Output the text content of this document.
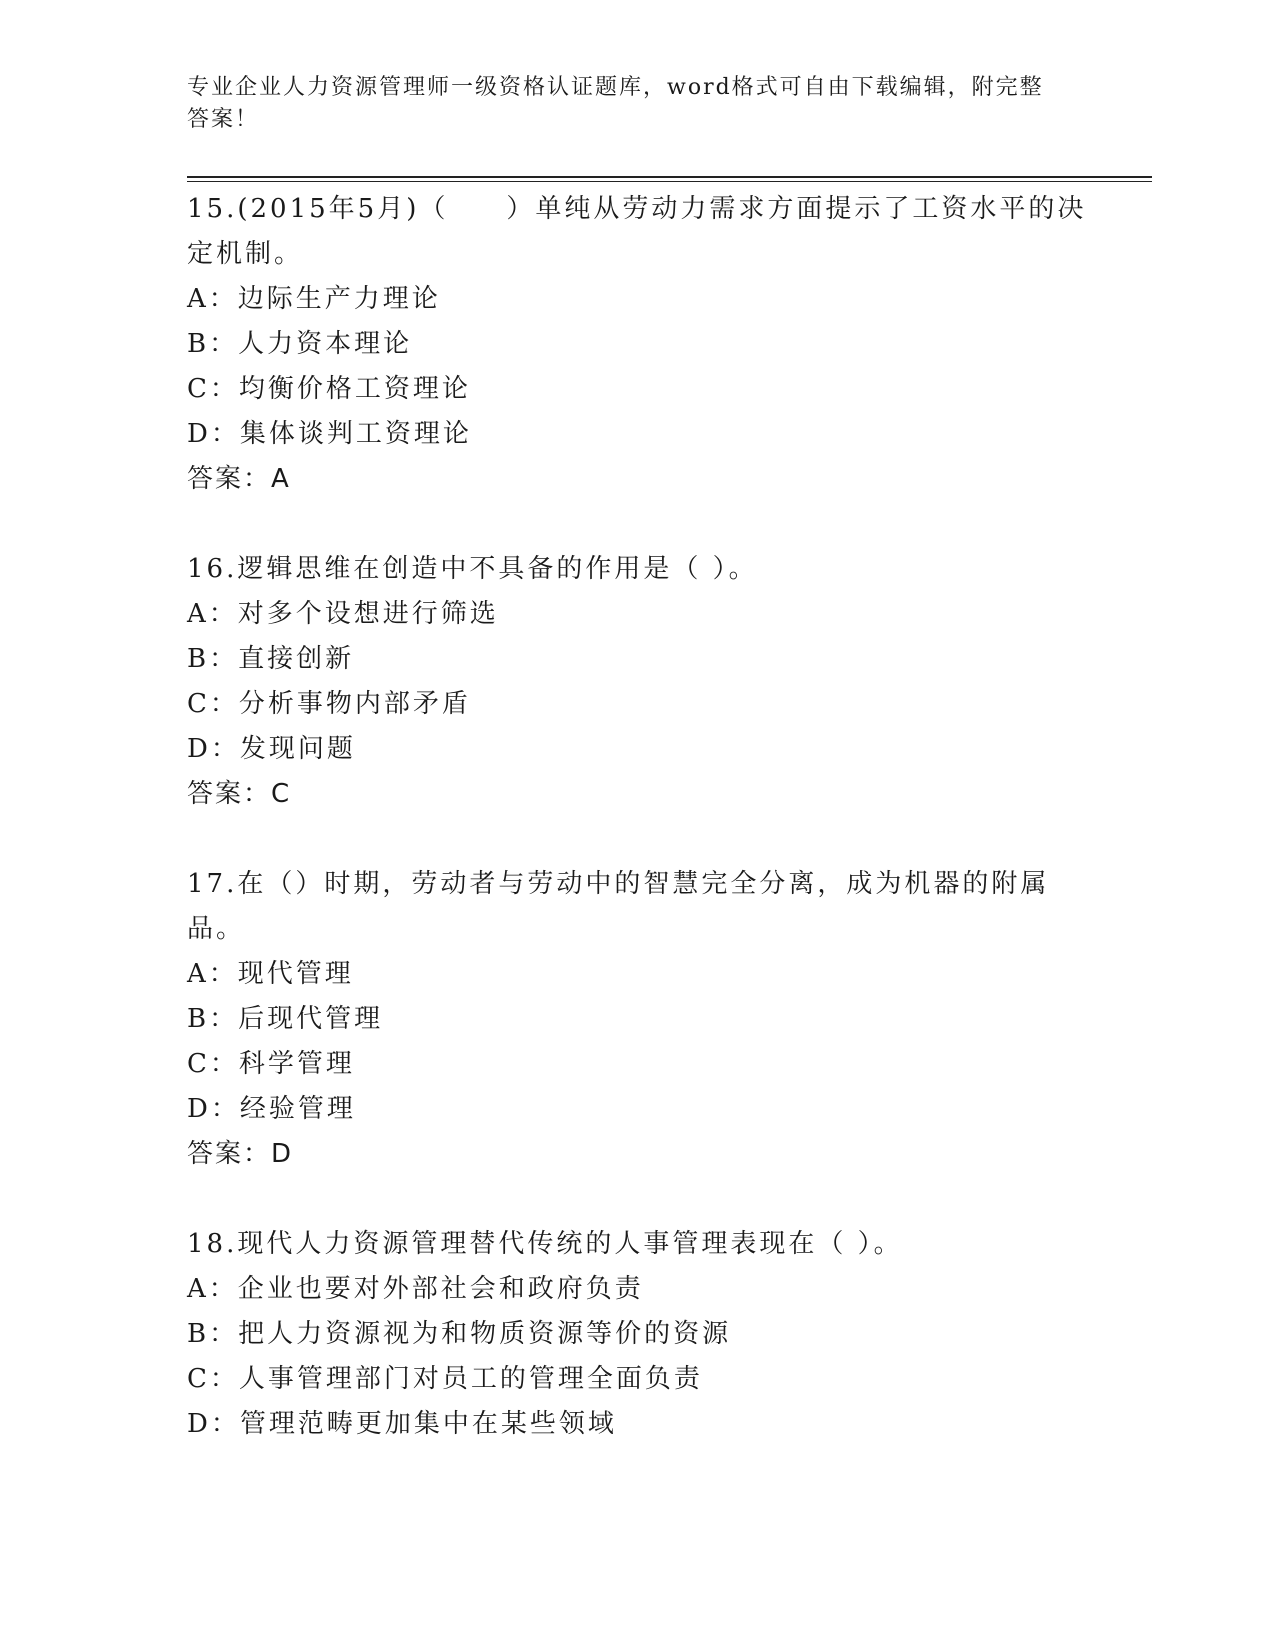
专业企业人力资源管理师一级资格认证题库，word格式可自由下载编辑，附完整答案！

15.(2015年5月)（　　）单纯从劳动力需求方面提示了工资水平的决定机制。

A：边际生产力理论

B：人力资本理论

C：均衡价格工资理论

D：集体谈判工资理论

答案：A

16.逻辑思维在创造中不具备的作用是（ ）。

A：对多个设想进行筛选

B：直接创新

C：分析事物内部矛盾

D：发现问题

答案：C

17.在（）时期，劳动者与劳动中的智慧完全分离，成为机器的附属品。

A：现代管理

B：后现代管理

C：科学管理

D：经验管理

答案：D

18.现代人力资源管理替代传统的人事管理表现在（ ）。

A：企业也要对外部社会和政府负责

B：把人力资源视为和物质资源等价的资源

C：人事管理部门对员工的管理全面负责

D：管理范畴更加集中在某些领域
